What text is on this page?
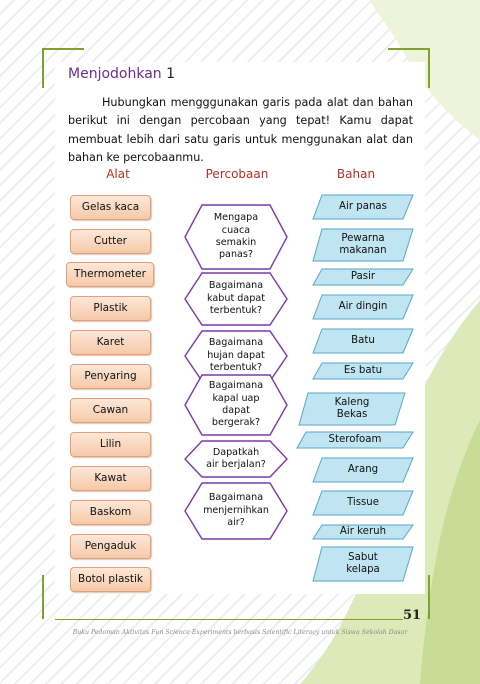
Menjodohkan 1
Hubungkan mengggunakan garis pada alat dan bahan berikut ini dengan percobaan yang tepat! Kamu dapat membuat lebih dari satu garis untuk menggunakan alat dan bahan ke percobaanmu.
Alat	Percobaan	Bahan
Gelas kaca
Cutter
Thermometer
Plastik
Karet
Penyaring
Cawan
Lilin
Kawat
Baskom
Pengaduk
Botol plastik
Mengapa
cuaca
semakin
panas?
Bagaimana
kabut dapat
terbentuk?
Bagaimana
hujan dapat
terbentuk?
Bagaimana
kapal uap
dapat
bergerak?
Dapatkah
air berjalan?
Bagaimana
menjernihkan
air?
Air panas
Pewarna
makanan
Pasir
Air dingin
Batu
Es batu
Kaleng
Bekas
Sterofoam
Arang
Tissue
Air keruh
Sabut
kelapa
51
Buku Pedoman Aktivitas Fun Science Experiments berbasis Scientific Literacy untuk Siswa Sekolah Dasar
